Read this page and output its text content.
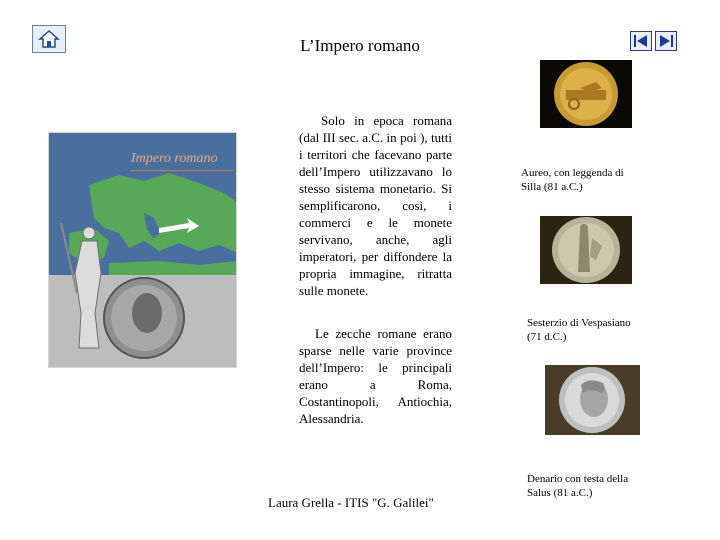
L’Impero romano
Impero romano
Solo in epoca romana (dal III sec. a.C. in poi ), tutti i territori che facevano parte dell’Impero utilizzavano lo stesso sistema monetario. Si semplificarono, così, i commerci e le monete servivano, anche, agli imperatori, per diffondere la propria immagine, ritratta sulle monete.
Le zecche romane erano sparse nelle varie province dell’Impero: le principali erano a Roma, Costantinopoli, Antiochia, Alessandria.
Laura Grella - ITIS "G. Galilei"
Aureo, con leggenda di Silla (81 a.C.)
Sesterzio di Vespasiano (71 d.C.)
Denario con testa della Salus (81 a.C.)
